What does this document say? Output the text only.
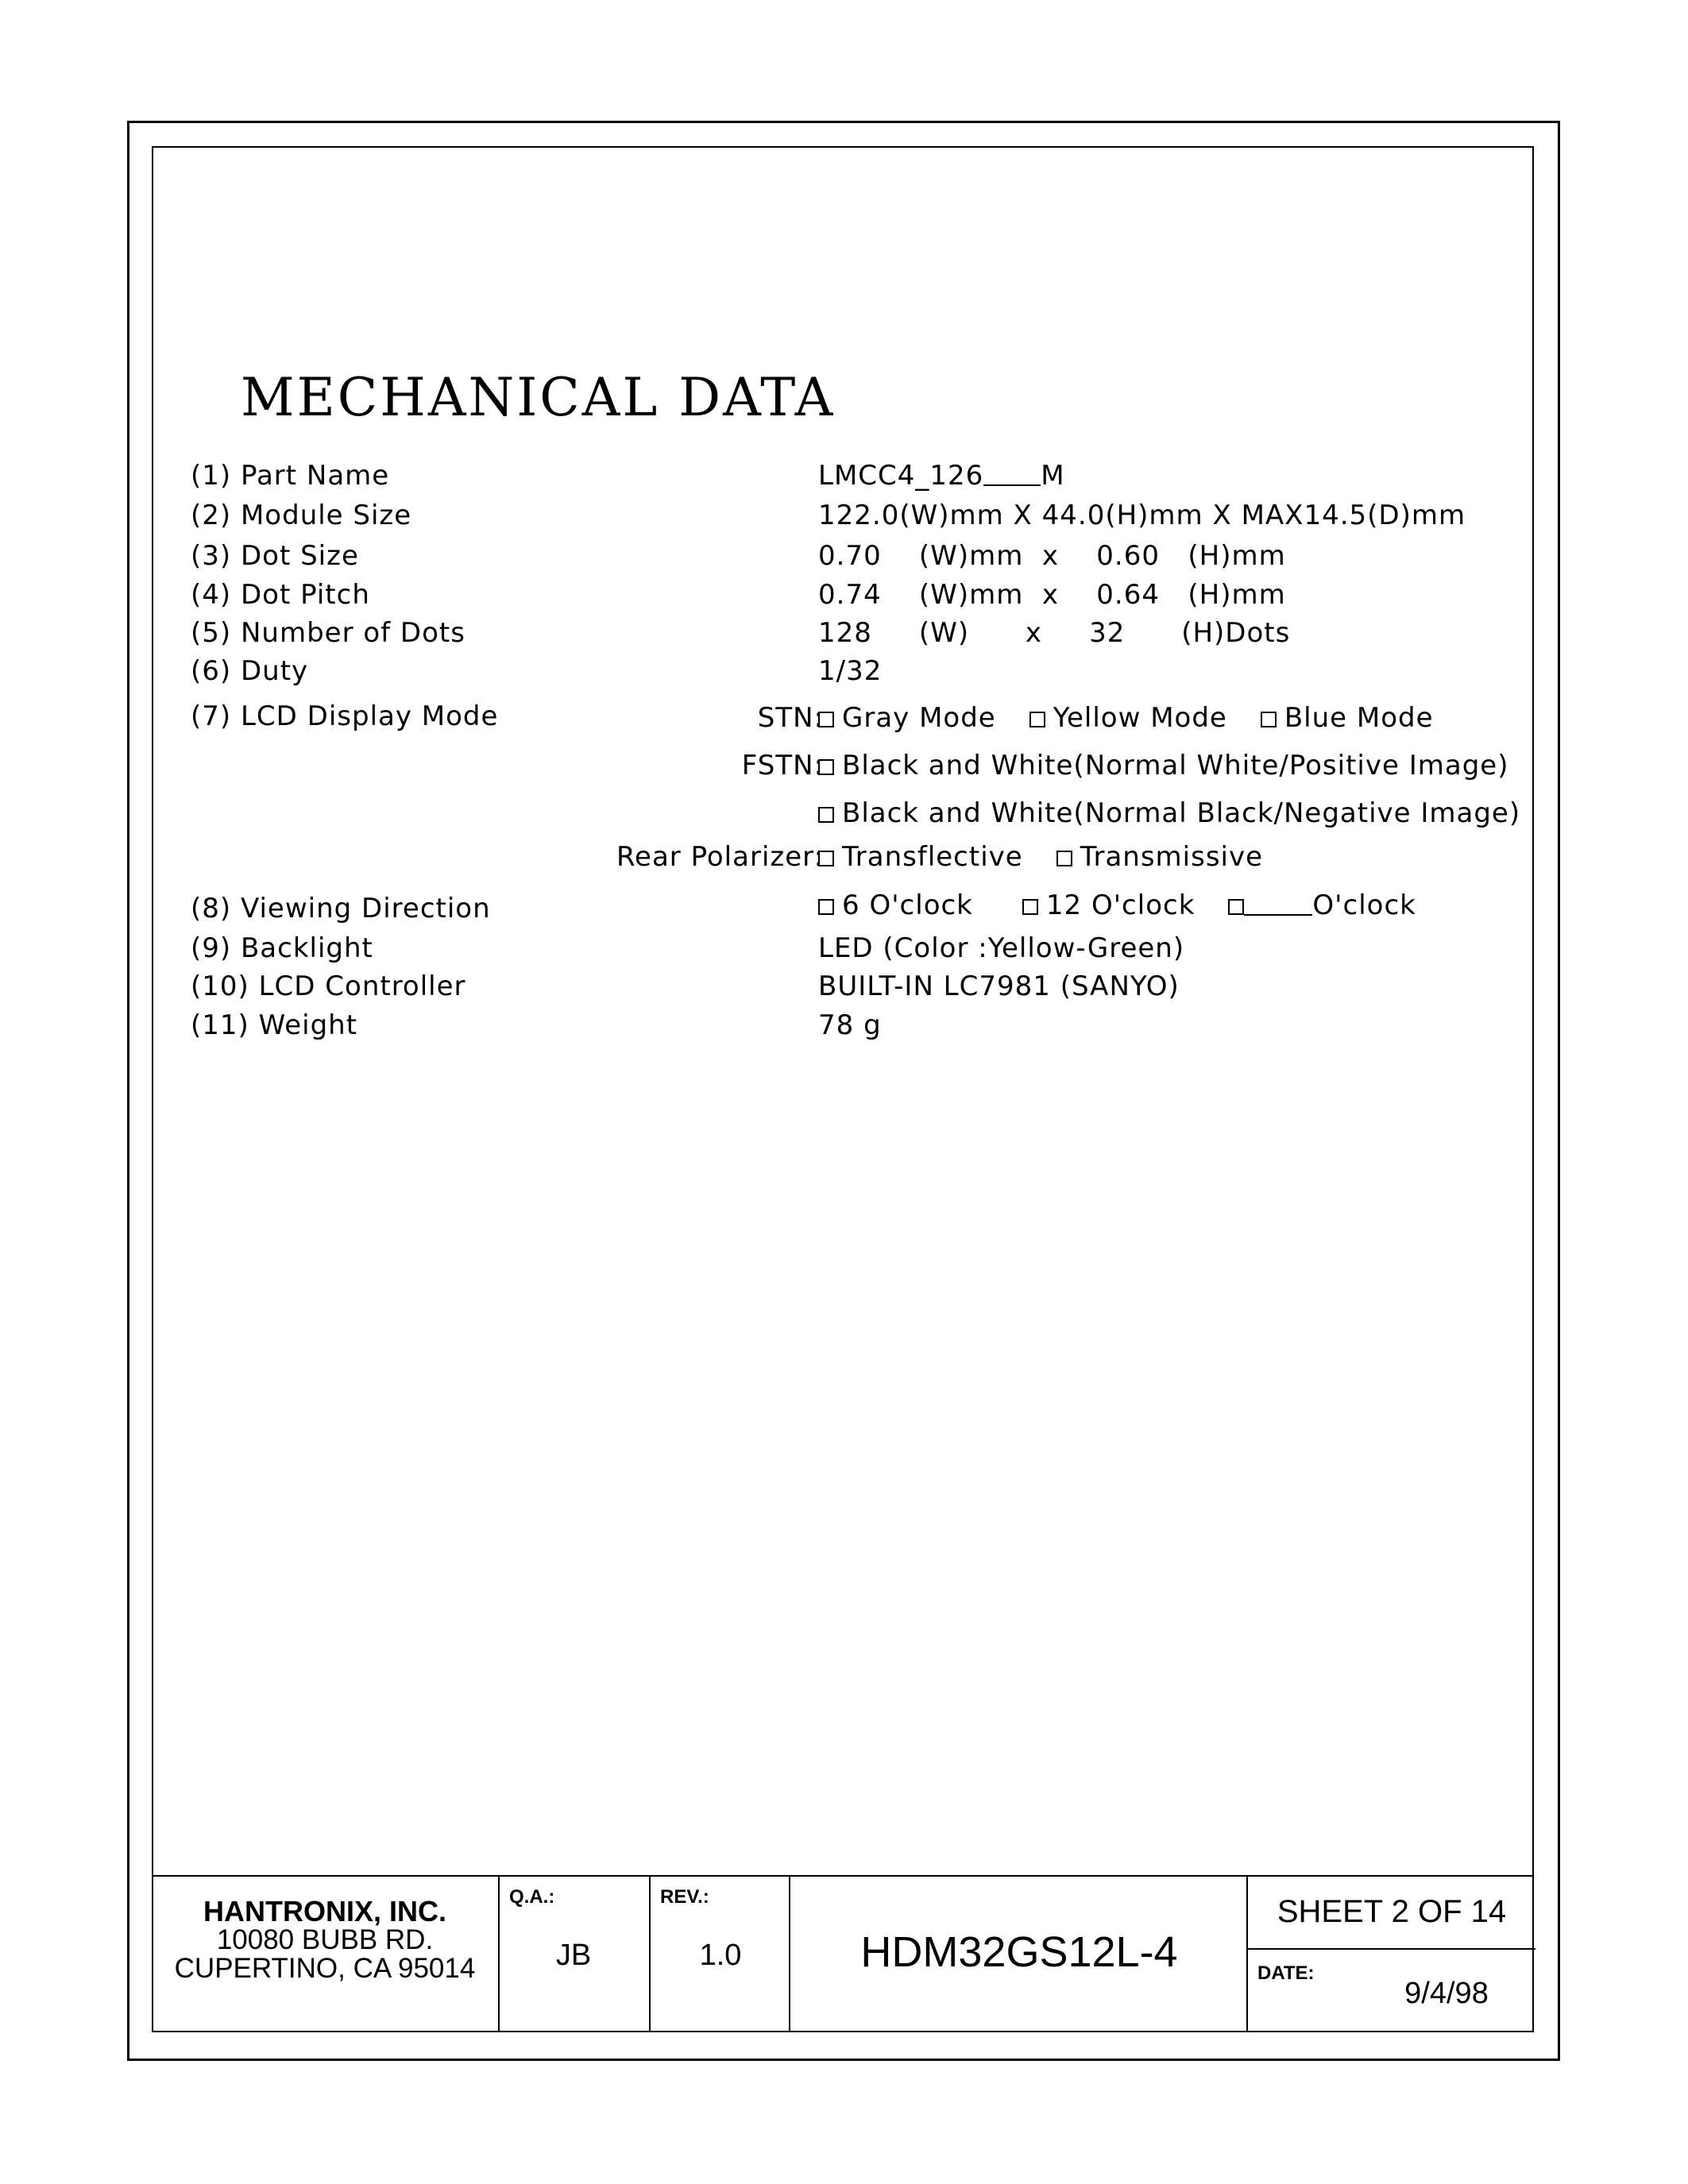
MECHANICAL DATA
(1) Part Name	LMCC4_126 M
(2) Module Size	122.0(W)mm X 44.0(H)mm X MAX14.5(D)mm
(3) Dot Size	0.70    (W)mm  x    0.60   (H)mm
(4) Dot Pitch	0.74    (W)mm  x    0.64   (H)mm
(5) Number of Dots	128     (W)      x     32      (H)Dots
(6) Duty	1/32
(7) LCD Display Mode	STN: Gray Mode Yellow Mode Blue Mode
FSTN: Black and White(Normal White/Positive Image)
Black and White(Normal Black/Negative Image)
Rear Polarizer: Transflective Transmissive
(8) Viewing Direction	6 O'clock	12 O'clock	O'clock
(9) Backlight	LED (Color :Yellow-Green)
(10) LCD Controller	BUILT-IN LC7981 (SANYO)
(11) Weight	78 g
HANTRONIX, INC.
10080 BUBB RD.
CUPERTINO, CA 95014
Q.A.:
JB
REV.:
1.0	HDM32GS12L-4
SHEET 2 OF 14
DATE:
9/4/98
